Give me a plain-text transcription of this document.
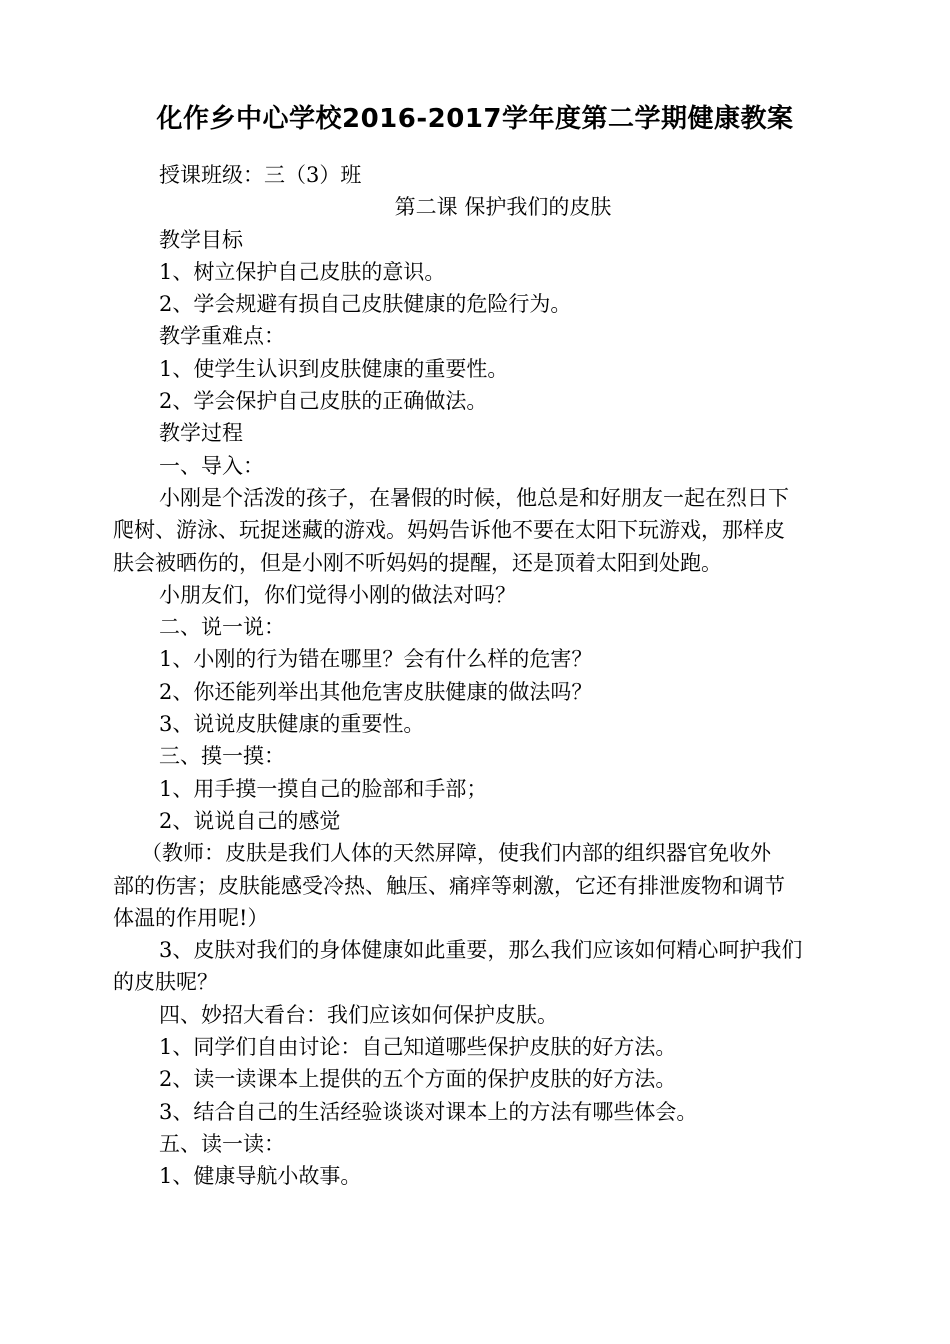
化作乡中心学校2016-2017学年度第二学期健康教案

授课班级：三（3）班

第二课 保护我们的皮肤

教学目标

1、树立保护自己皮肤的意识。

2、学会规避有损自己皮肤健康的危险行为。

教学重难点：

1、使学生认识到皮肤健康的重要性。

2、学会保护自己皮肤的正确做法。

教学过程

一、导入：

小刚是个活泼的孩子，在暑假的时候，他总是和好朋友一起在烈日下

爬树、游泳、玩捉迷藏的游戏。妈妈告诉他不要在太阳下玩游戏，那样皮

肤会被晒伤的，但是小刚不听妈妈的提醒，还是顶着太阳到处跑。

小朋友们，你们觉得小刚的做法对吗？

二、说一说：

1、小刚的行为错在哪里？会有什么样的危害？

2、你还能列举出其他危害皮肤健康的做法吗？

3、说说皮肤健康的重要性。

三、摸一摸：

1、用手摸一摸自己的脸部和手部；

2、说说自己的感觉

（教师：皮肤是我们人体的天然屏障，使我们内部的组织器官免收外

部的伤害；皮肤能感受冷热、触压、痛痒等刺激，它还有排泄废物和调节

体温的作用呢!）

3、皮肤对我们的身体健康如此重要，那么我们应该如何精心呵护我们

的皮肤呢？

四、妙招大看台：我们应该如何保护皮肤。

1、同学们自由讨论：自己知道哪些保护皮肤的好方法。

2、读一读课本上提供的五个方面的保护皮肤的好方法。

3、结合自己的生活经验谈谈对课本上的方法有哪些体会。

五、读一读：

1、健康导航小故事。
